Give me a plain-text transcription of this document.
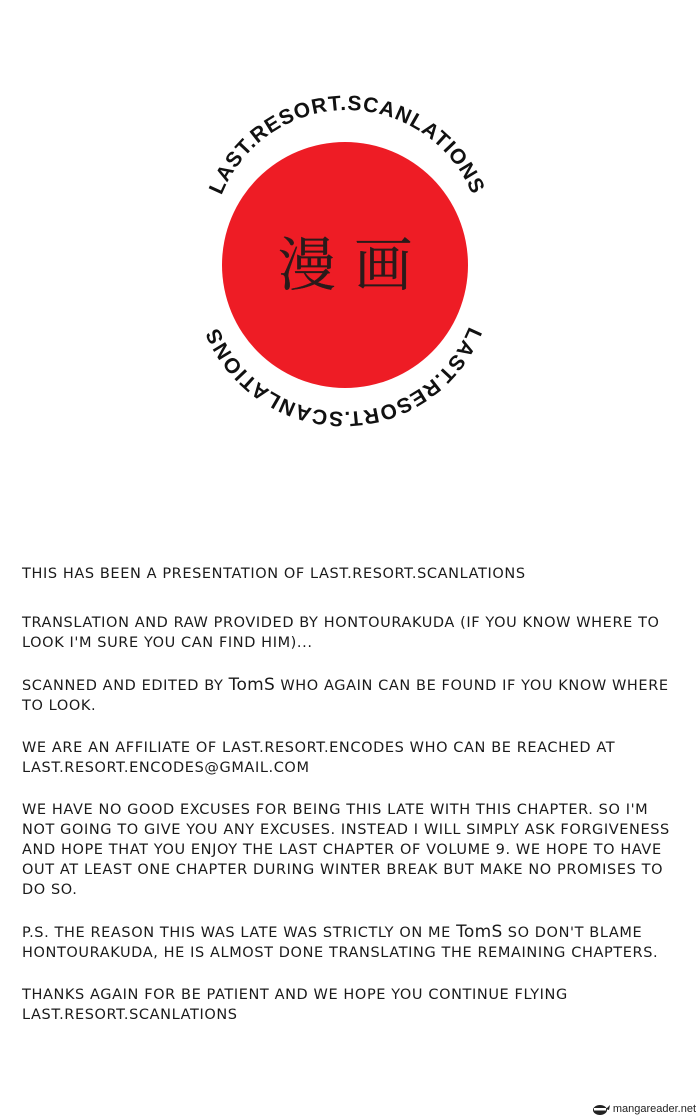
LAST.RESORT.SCANLATIONS
LAST.RESORT.SCANLATIONS
漫 画

THIS HAS BEEN A PRESENTATION OF LAST.RESORT.SCANLATIONS

TRANSLATION AND RAW PROVIDED BY HONTOURAKUDA (IF YOU KNOW WHERE TO LOOK I'M SURE YOU CAN FIND HIM)...

SCANNED AND EDITED BY TomS WHO AGAIN CAN BE FOUND IF YOU KNOW WHERE TO LOOK.

WE ARE AN AFFILIATE OF LAST.RESORT.ENCODES WHO CAN BE REACHED AT LAST.RESORT.ENCODES@GMAIL.COM

WE HAVE NO GOOD EXCUSES FOR BEING THIS LATE WITH THIS CHAPTER. SO I'M NOT GOING TO GIVE YOU ANY EXCUSES. INSTEAD I WILL SIMPLY ASK FORGIVENESS AND HOPE THAT YOU ENJOY THE LAST CHAPTER OF VOLUME 9. WE HOPE TO HAVE OUT AT LEAST ONE CHAPTER DURING WINTER BREAK BUT MAKE NO PROMISES TO DO SO.

P.S. THE REASON THIS WAS LATE WAS STRICTLY ON ME TomS SO DON'T BLAME HONTOURAKUDA, HE IS ALMOST DONE TRANSLATING THE REMAINING CHAPTERS.

THANKS AGAIN FOR BE PATIENT AND WE HOPE YOU CONTINUE FLYING LAST.RESORT.SCANLATIONS

mangareader.net
